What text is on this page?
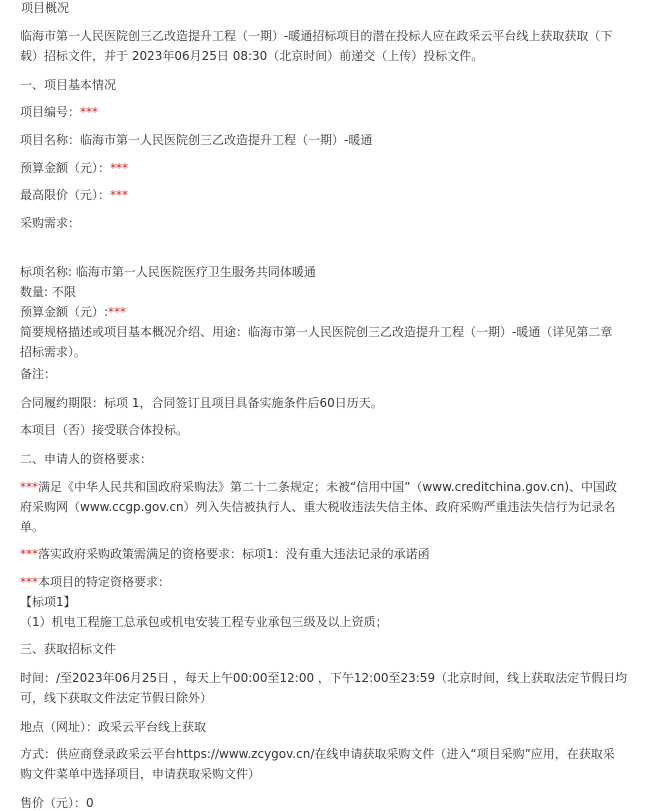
项目概况
临海市第一人民医院创三乙改造提升工程（一期）-暖通招标项目的潜在投标人应在政采云平台线上获取获取（下
载）招标文件，并于 2023年06月25日 08:30（北京时间）前递交（上传）投标文件。
一、项目基本情况
项目编号：***
项目名称：临海市第一人民医院创三乙改造提升工程（一期）-暖通
预算金额（元）：***
最高限价（元）：***
采购需求：
标项名称: 临海市第一人民医院医疗卫生服务共同体暖通
数量: 不限
预算金额（元）:***
简要规格描述或项目基本概况介绍、用途：临海市第一人民医院创三乙改造提升工程（一期）-暖通（详见第二章
招标需求）。
备注：
合同履约期限：标项 1，合同签订且项目具备实施条件后60日历天。
本项目（否）接受联合体投标。
二、申请人的资格要求：
***满足《中华人民共和国政府采购法》第二十二条规定；未被“信用中国”（www.creditchina.gov.cn)、中国政
府采购网（www.ccgp.gov.cn）列入失信被执行人、重大税收违法失信主体、政府采购严重违法失信行为记录名
单。
***落实政府采购政策需满足的资格要求：标项1：没有重大违法记录的承诺函
***本项目的特定资格要求：
【标项1】
（1）机电工程施工总承包或机电安装工程专业承包三级及以上资质；
三、获取招标文件
时间：/至2023年06月25日 ，每天上午00:00至12:00 ，下午12:00至23:59（北京时间，线上获取法定节假日均
可，线下获取文件法定节假日除外）
地点（网址）：政采云平台线上获取
方式：供应商登录政采云平台https://www.zcygov.cn/在线申请获取采购文件（进入“项目采购”应用，在获取采
购文件菜单中选择项目，申请获取采购文件）
售价（元）：0
